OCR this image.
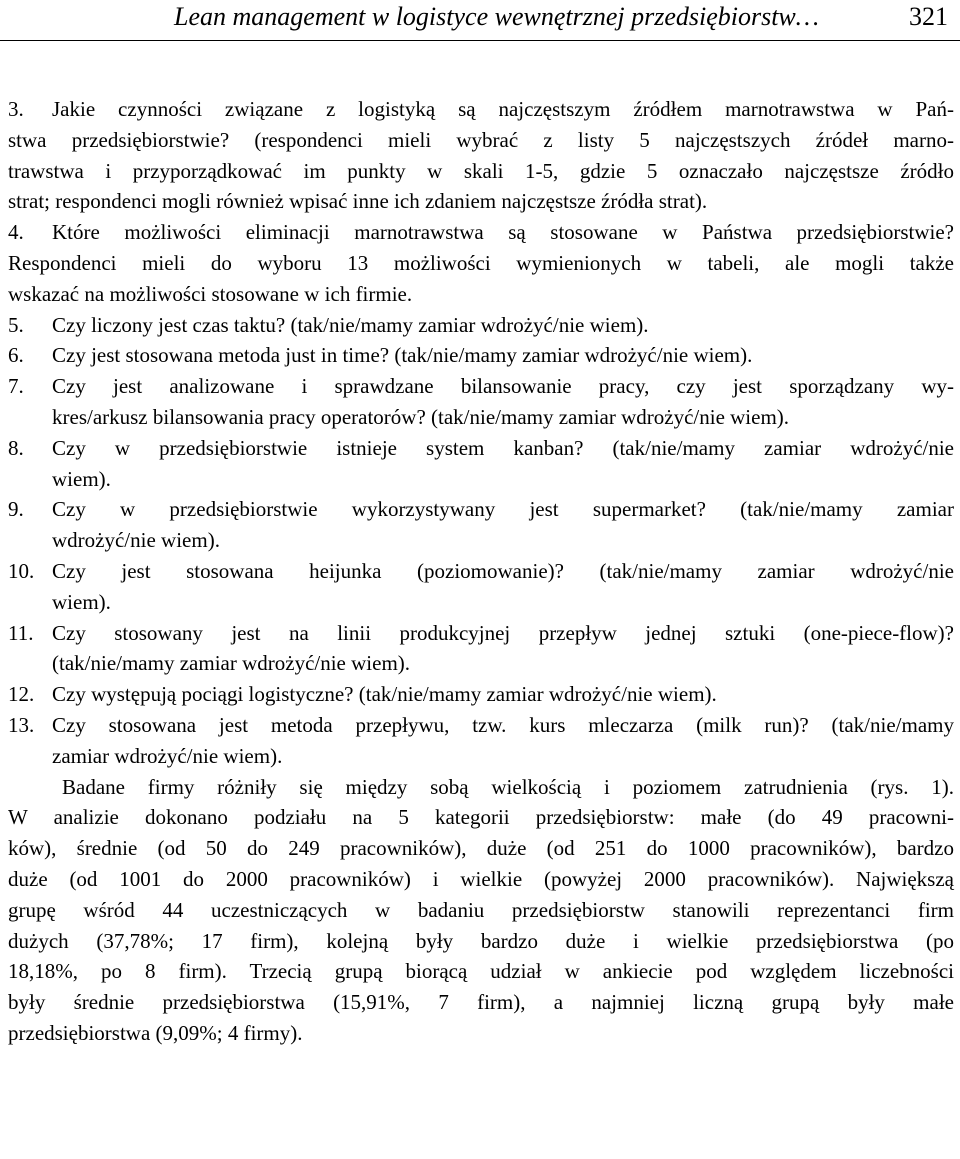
Lean management w logistyce wewnętrznej przedsiębiorstw…	321
3.	Jakie czynności związane z logistyką są najczęstszym źródłem marnotrawstwa w Pań-
stwa przedsiębiorstwie? (respondenci mieli wybrać z listy 5 najczęstszych źródeł marno-
trawstwa i przyporządkować im punkty w skali 1-5, gdzie 5 oznaczało najczęstsze źródło
strat; respondenci mogli również wpisać inne ich zdaniem najczęstsze źródła strat).
4.	Które możliwości eliminacji marnotrawstwa są stosowane w Państwa przedsiębiorstwie?
Respondenci mieli do wyboru 13 możliwości wymienionych w tabeli, ale mogli także
wskazać na możliwości stosowane w ich firmie.
5.	Czy liczony jest czas taktu? (tak/nie/mamy zamiar wdrożyć/nie wiem).
6.	Czy jest stosowana metoda just in time? (tak/nie/mamy zamiar wdrożyć/nie wiem).
7.	Czy jest analizowane i sprawdzane bilansowanie pracy, czy jest sporządzany wy-
kres/arkusz bilansowania pracy operatorów? (tak/nie/mamy zamiar wdrożyć/nie wiem).
8.	Czy w przedsiębiorstwie istnieje system kanban? (tak/nie/mamy zamiar wdrożyć/nie
wiem).
9.	Czy w przedsiębiorstwie wykorzystywany jest supermarket? (tak/nie/mamy zamiar
wdrożyć/nie wiem).
10. Czy jest stosowana heijunka (poziomowanie)? (tak/nie/mamy zamiar wdrożyć/nie
wiem).
11. Czy stosowany jest na linii produkcyjnej przepływ jednej sztuki (one-piece-flow)?
(tak/nie/mamy zamiar wdrożyć/nie wiem).
12. Czy występują pociągi logistyczne? (tak/nie/mamy zamiar wdrożyć/nie wiem).
13. Czy stosowana jest metoda przepływu, tzw. kurs mleczarza (milk run)? (tak/nie/mamy
zamiar wdrożyć/nie wiem).
Badane firmy różniły się między sobą wielkością i poziomem zatrudnienia (rys. 1).
W analizie dokonano podziału na 5 kategorii przedsiębiorstw: małe (do 49 pracowni-
ków), średnie (od 50 do 249 pracowników), duże (od 251 do 1000 pracowników), bardzo
duże (od 1001 do 2000 pracowników) i wielkie (powyżej 2000 pracowników). Największą
grupę wśród 44 uczestniczących w badaniu przedsiębiorstw stanowili reprezentanci firm
dużych (37,78%; 17 firm), kolejną były bardzo duże i wielkie przedsiębiorstwa (po
18,18%, po 8 firm). Trzecią grupą biorącą udział w ankiecie pod względem liczebności
były średnie przedsiębiorstwa (15,91%, 7 firm), a najmniej liczną grupą były małe
przedsiębiorstwa (9,09%; 4 firmy).
